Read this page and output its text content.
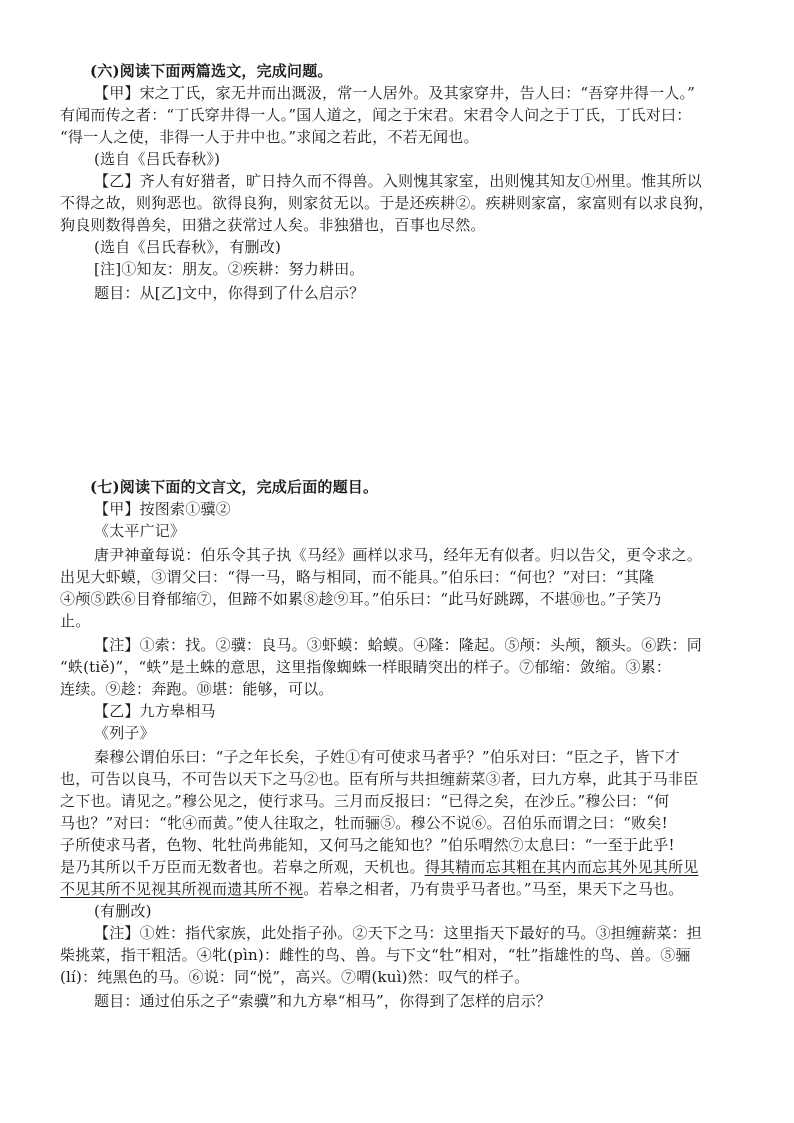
(六)阅读下面两篇选文，完成问题。
【甲】宋之丁氏，家无井而出溉汲，常一人居外。及其家穿井，告人曰：“吾穿井得一人。”
有闻而传之者：“丁氏穿井得一人。”国人道之，闻之于宋君。宋君令人问之于丁氏，丁氏对曰：
“得一人之使，非得一人于井中也。”求闻之若此，不若无闻也。
(选自《吕氏春秋》)
【乙】齐人有好猎者，旷日持久而不得兽。入则愧其家室，出则愧其知友①州里。惟其所以
不得之故，则狗恶也。欲得良狗，则家贫无以。于是还疾耕②。疾耕则家富，家富则有以求良狗，
狗良则数得兽矣，田猎之获常过人矣。非独猎也，百事也尽然。
(选自《吕氏春秋》，有删改)
[注]①知友：朋友。②疾耕：努力耕田。
题目：从[乙]文中，你得到了什么启示？
(七)阅读下面的文言文，完成后面的题目。
【甲】按图索①骥②
《太平广记》
唐尹神童每说：伯乐令其子执《马经》画样以求马，经年无有似者。归以告父，更令求之。
出见大虾蟆，③谓父曰：“得一马，略与相同，而不能具。”伯乐曰：“何也？”对曰：“其隆
④颅⑤跌⑥目脊郁缩⑦，但蹄不如累⑧趁⑨耳。”伯乐曰：“此马好跳踯，不堪⑩也。”子笑乃
止。
【注】①索：找。②骥：良马。③虾蟆：蛤蟆。④隆：隆起。⑤颅：头颅，额头。⑥跌：同
“蛈(tiě)”，“蛈”是土蛛的意思，这里指像蜘蛛一样眼睛突出的样子。⑦郁缩：敛缩。③累：
连续。⑨趁：奔跑。⑩堪：能够，可以。
【乙】九方皋相马
《列子》
秦穆公谓伯乐曰：“子之年长矣，子姓①有可使求马者乎？”伯乐对曰：“臣之子，皆下才
也，可告以良马，不可告以天下之马②也。臣有所与共担缠薪菜③者，曰九方皋，此其于马非臣
之下也。请见之。”穆公见之，使行求马。三月而反报曰：“已得之矣，在沙丘。”穆公曰：“何
马也？”对曰：“牝④而黄。”使人往取之，牡而骊⑤。穆公不说⑥。召伯乐而谓之曰：“败矣!
子所使求马者，色物、牝牡尚弗能知，又何马之能知也？”伯乐喟然⑦太息曰：“一至于此乎!
是乃其所以千万臣而无数者也。若皋之所观，天机也。得其精而忘其粗在其内而忘其外见其所见
不见其所不见视其所视而遗其所不视。若皋之相者，乃有贵乎马者也。”马至，果天下之马也。
(有删改)
【注】①姓：指代家族，此处指子孙。②天下之马：这里指天下最好的马。③担缠薪菜：担
柴挑菜，指干粗活。④牝(pìn)：雌性的鸟、兽。与下文“牡”相对，“牡”指雄性的鸟、兽。⑤骊
(lí)：纯黑色的马。⑥说：同“悦”，高兴。⑦喟(kuì)然：叹气的样子。
题目：通过伯乐之子“索骥”和九方皋“相马”，你得到了怎样的启示？
